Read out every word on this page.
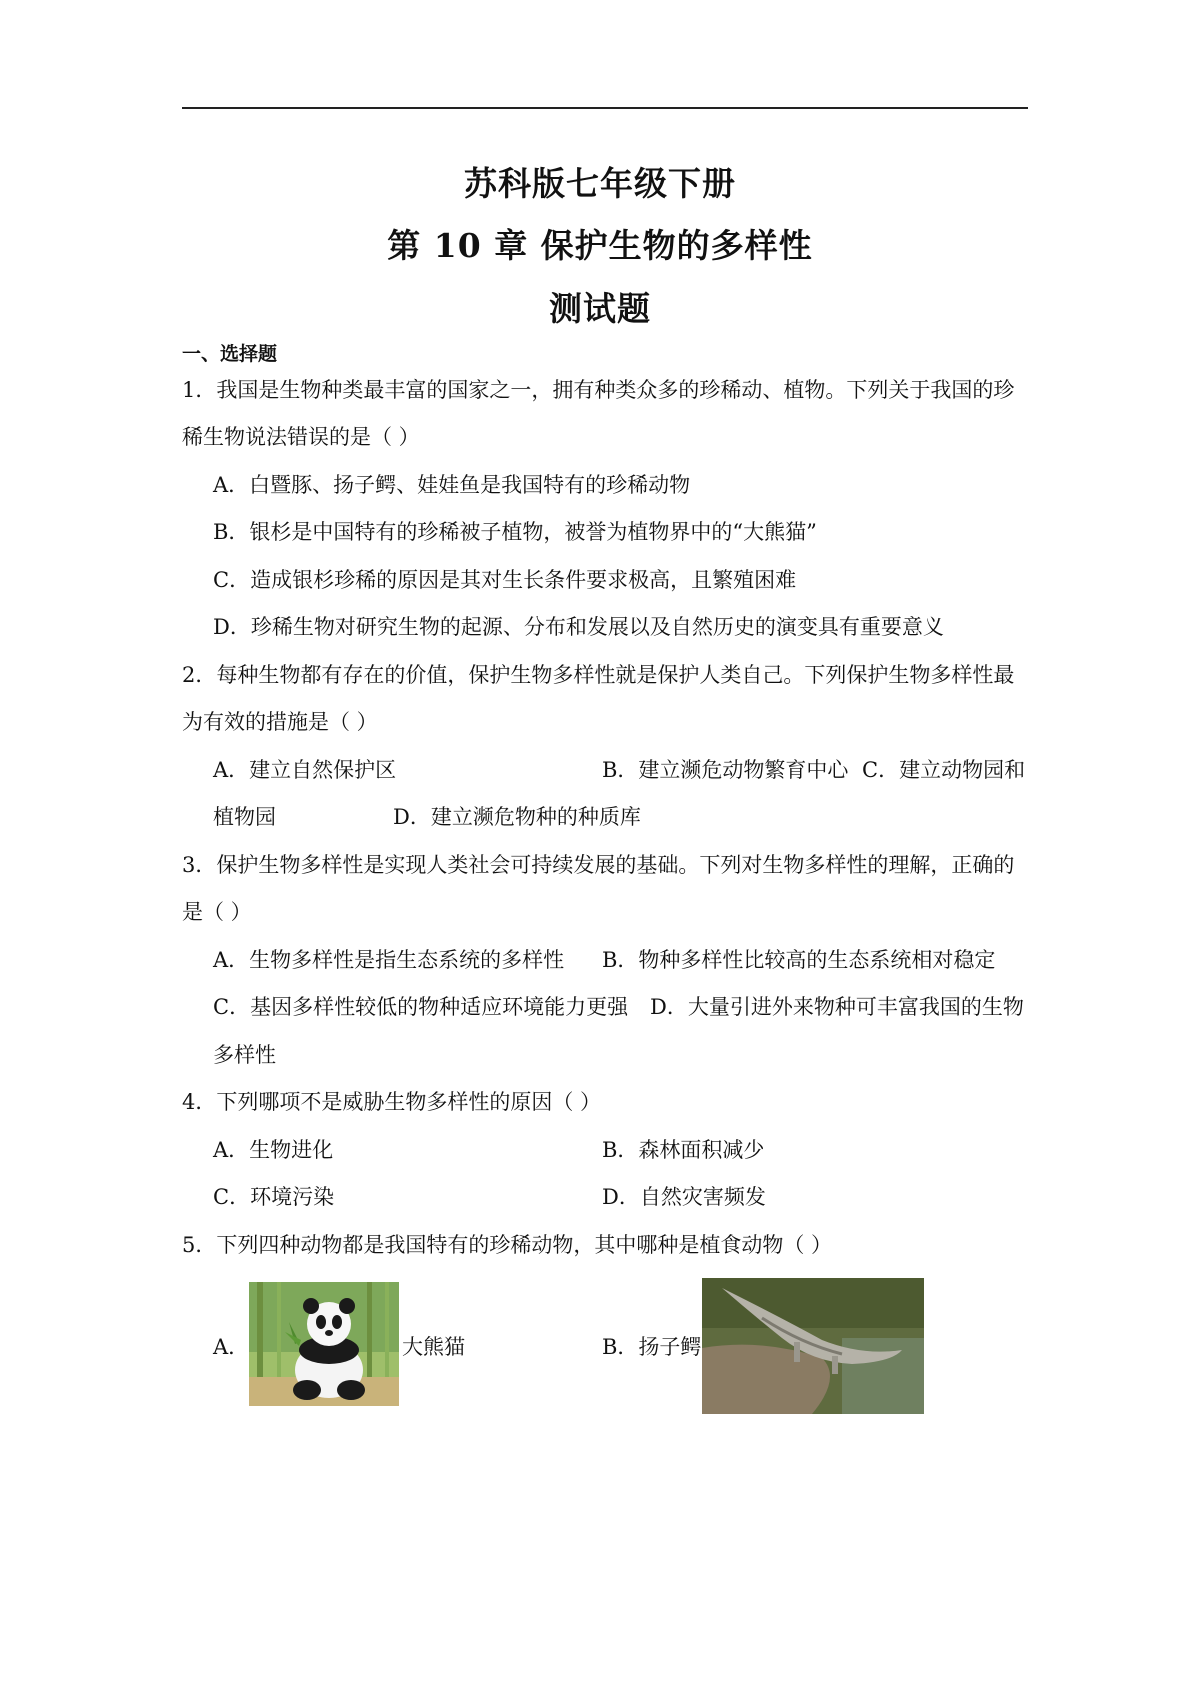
苏科版七年级下册
第 10 章 保护生物的多样性
测试题
一、选择题
1．我国是生物种类最丰富的国家之一，拥有种类众多的珍稀动、植物。下列关于我国的珍
稀生物说法错误的是（ ）
A．白暨豚、扬子鳄、娃娃鱼是我国特有的珍稀动物
B．银杉是中国特有的珍稀被子植物，被誉为植物界中的“大熊猫”
C．造成银杉珍稀的原因是其对生长条件要求极高，且繁殖困难
D．珍稀生物对研究生物的起源、分布和发展以及自然历史的演变具有重要意义
2．每种生物都有存在的价值，保护生物多样性就是保护人类自己。下列保护生物多样性最
为有效的措施是（ ）
A．建立自然保护区	B．建立濒危动物繁育中心 C．建立动物园和
植物园	D．建立濒危物种的种质库
3．保护生物多样性是实现人类社会可持续发展的基础。下列对生物多样性的理解，正确的
是（ ）
A．生物多样性是指生态系统的多样性 B．物种多样性比较高的生态系统相对稳定
C．基因多样性较低的物种适应环境能力更强 D．大量引进外来物种可丰富我国的生物
多样性
4．下列哪项不是威胁生物多样性的原因（ ）
A．生物进化	B．森林面积减少
C．环境污染	D．自然灾害频发
5．下列四种动物都是我国特有的珍稀动物，其中哪种是植食动物（ ）
A．	大熊猫	B．扬子鳄
